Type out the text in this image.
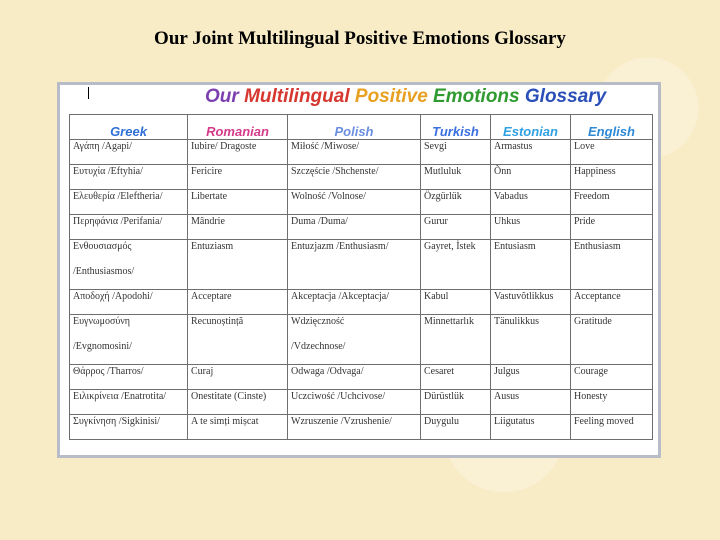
Our Joint Multilingual Positive Emotions Glossary
Our Multilingual Positive Emotions Glossary
Greek	Romanian	Polish	Turkish	Estonian	English
Αγάπη /Agapi/	Iubire/ Dragoste	Miłość /Miwose/	Sevgi	Armastus	Love
Ευτυχία /Eftyhia/	Fericire	Szczęście /Shchenste/	Mutluluk	Õnn	Happiness
Ελευθερία /Eleftheria/	Libertate	Wolność /Volnose/	Özgürlük	Vabadus	Freedom
Περηφάνια /Perifania/	Mândrie	Duma /Duma/	Gurur	Uhkus	Pride
Ενθουσιασμός	Entuziasm	Entuzjazm /Enthusiasm/	Gayret, İstek	Entusiasm	Enthusiasm
/Enthusiasmos/					
Αποδοχή /Apodohi/	Acceptare	Akceptacja /Akceptacja/	Kabul	Vastuvõtlikkus	Acceptance
Ευγνωμοσύνη	Recunoștință	Wdzięczność	Minnettarlık	Tänulikkus	Gratitude
/Evgnomosini/		/Vdzechnose/			
Θάρρος /Tharros/	Curaj	Odwaga /Odvaga/	Cesaret	Julgus	Courage
Ειλικρίνεια /Enatrotita/	Onestitate (Cinste)	Uczciwość /Uchcivose/	Dürüstlük	Ausus	Honesty
Συγκίνηση /Sigkinisi/	A te simți mișcat	Wzruszenie /Vzrushenie/	Duygulu	Liigutatus	Feeling moved
